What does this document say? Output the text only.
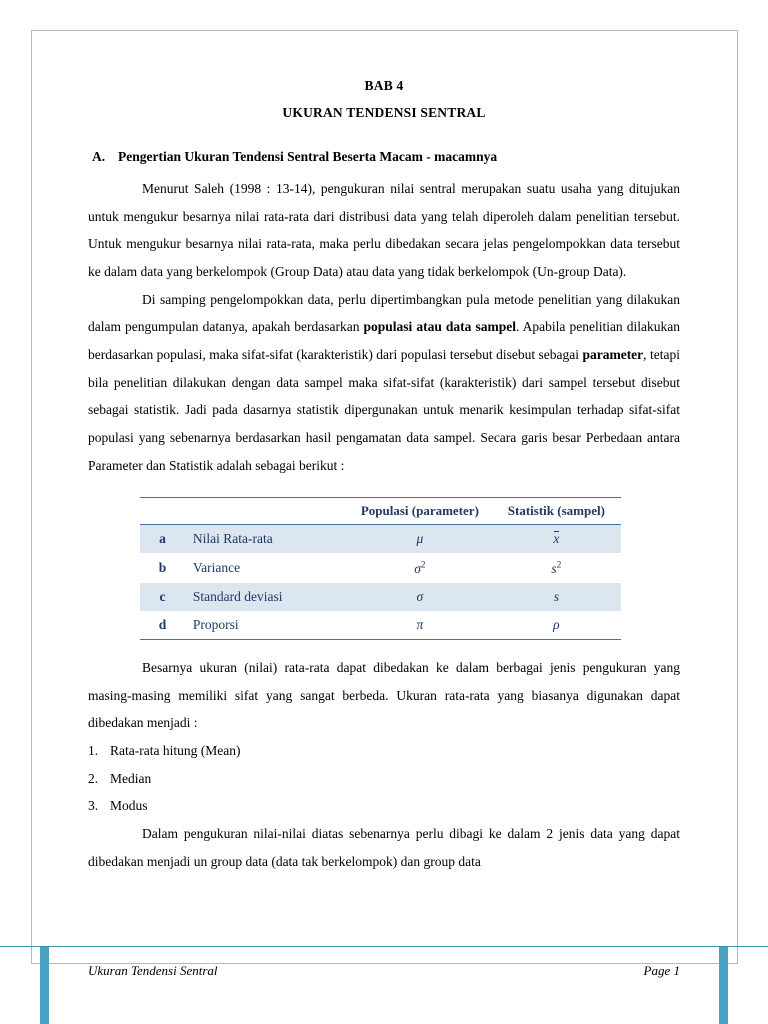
BAB 4
UKURAN TENDENSI SENTRAL
A. Pengertian Ukuran Tendensi Sentral Beserta Macam - macamnya

Menurut Saleh (1998 : 13-14), pengukuran nilai sentral merupakan suatu usaha yang ditujukan untuk mengukur besarnya nilai rata-rata dari distribusi data yang telah diperoleh dalam penelitian tersebut. Untuk mengukur besarnya nilai rata-rata, maka perlu dibedakan secara jelas pengelompokkan data tersebut ke dalam data yang berkelompok (Group Data) atau data yang tidak berkelompok (Un-group Data).

Di samping pengelompokkan data, perlu dipertimbangkan pula metode penelitian yang dilakukan dalam pengumpulan datanya, apakah berdasarkan populasi atau data sampel. Apabila penelitian dilakukan berdasarkan populasi, maka sifat-sifat (karakteristik) dari populasi tersebut disebut sebagai parameter, tetapi bila penelitian dilakukan dengan data sampel maka sifat-sifat (karakteristik) dari sampel tersebut disebut sebagai statistik. Jadi pada dasarnya statistik dipergunakan untuk menarik kesimpulan terhadap sifat-sifat populasi yang sebenarnya berdasarkan hasil pengamatan data sampel. Secara garis besar Perbedaan antara Parameter dan Statistik adalah sebagai berikut :

		Populasi (parameter)	Statistik (sampel)
a	Nilai Rata-rata	μ	x
b	Variance	$\sigma^2$	$s^2$
c	Standard deviasi	σ	s
d	Proporsi	π	ρ

Besarnya ukuran (nilai) rata-rata dapat dibedakan ke dalam berbagai jenis pengukuran yang masing-masing memiliki sifat yang sangat berbeda. Ukuran rata-rata yang biasanya digunakan dapat dibedakan menjadi :

1. Rata-rata hitung (Mean)
2. Median
3. Modus

Dalam pengukuran nilai-nilai diatas sebenarnya perlu dibagi ke dalam 2 jenis data yang dapat dibedakan menjadi un group data (data tak berkelompok) dan group data

Ukuran Tendensi Sentral	Page 1
